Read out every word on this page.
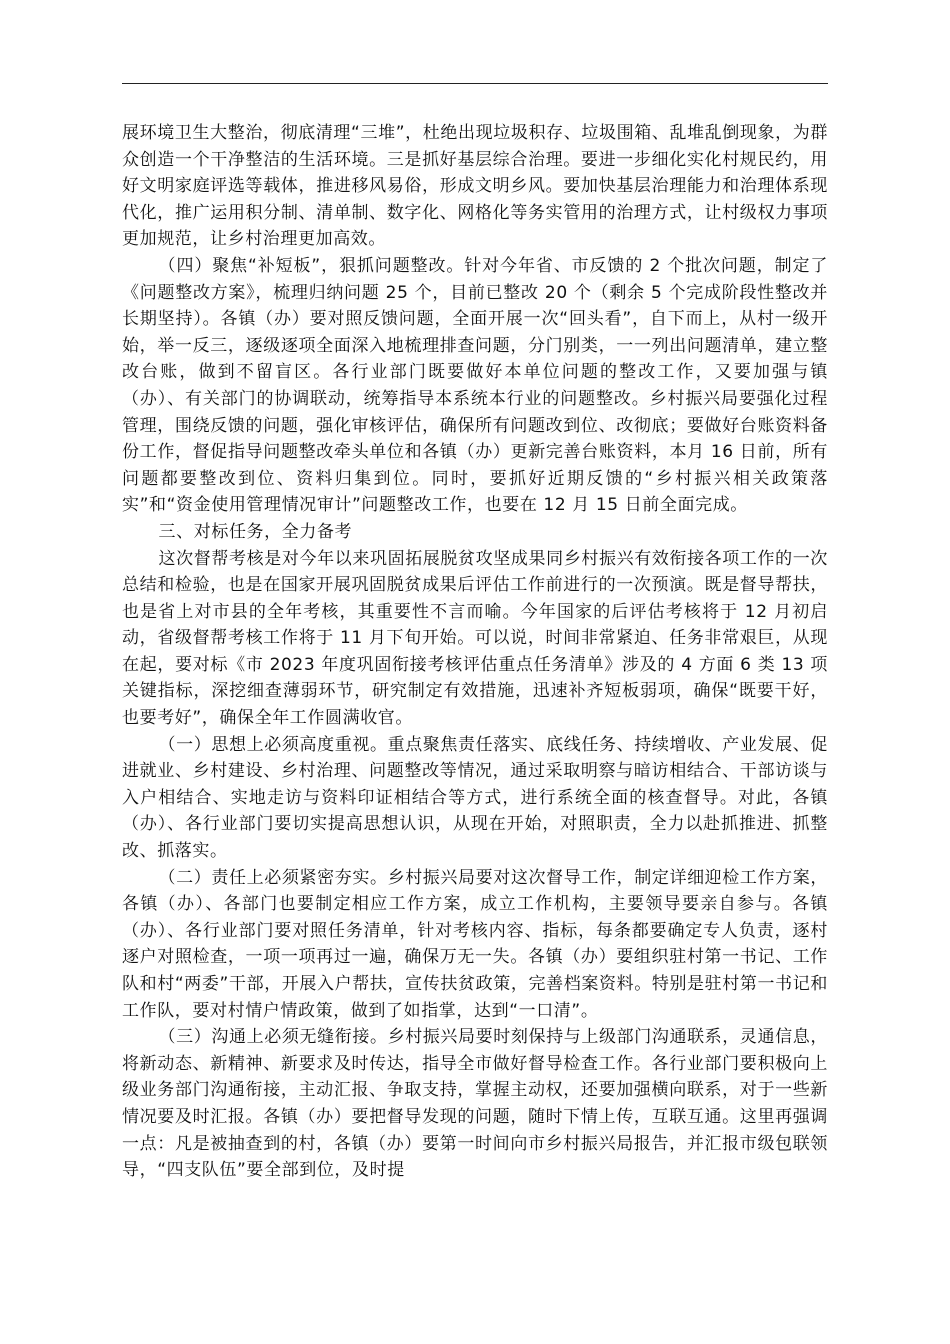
展环境卫生大整治，彻底清理“三堆”，杜绝出现垃圾积存、垃圾围箱、乱堆乱倒现象，为群众创造一个干净整洁的生活环境。三是抓好基层综合治理。要进一步细化实化村规民约，用好文明家庭评选等载体，推进移风易俗，形成文明乡风。要加快基层治理能力和治理体系现代化，推广运用积分制、清单制、数字化、网格化等务实管用的治理方式，让村级权力事项更加规范，让乡村治理更加高效。

（四）聚焦“补短板”，狠抓问题整改。针对今年省、市反馈的 2 个批次问题，制定了《问题整改方案》，梳理归纳问题 25 个，目前已整改 20 个（剩余 5 个完成阶段性整改并长期坚持）。各镇（办）要对照反馈问题，全面开展一次“回头看”，自下而上，从村一级开始，举一反三，逐级逐项全面深入地梳理排查问题，分门别类，一一列出问题清单，建立整改台账，做到不留盲区。各行业部门既要做好本单位问题的整改工作，又要加强与镇（办）、有关部门的协调联动，统筹指导本系统本行业的问题整改。乡村振兴局要强化过程管理，围绕反馈的问题，强化审核评估，确保所有问题改到位、改彻底；要做好台账资料备份工作，督促指导问题整改牵头单位和各镇（办）更新完善台账资料，本月 16 日前，所有问题都要整改到位、资料归集到位。同时，要抓好近期反馈的“乡村振兴相关政策落实”和“资金使用管理情况审计”问题整改工作，也要在 12 月 15 日前全面完成。

三、对标任务，全力备考

这次督帮考核是对今年以来巩固拓展脱贫攻坚成果同乡村振兴有效衔接各项工作的一次总结和检验，也是在国家开展巩固脱贫成果后评估工作前进行的一次预演。既是督导帮扶，也是省上对市县的全年考核，其重要性不言而喻。今年国家的后评估考核将于 12 月初启动，省级督帮考核工作将于 11 月下旬开始。可以说，时间非常紧迫、任务非常艰巨，从现在起，要对标《市 2023 年度巩固衔接考核评估重点任务清单》涉及的 4 方面 6 类 13 项关键指标，深挖细查薄弱环节，研究制定有效措施，迅速补齐短板弱项，确保“既要干好，也要考好”，确保全年工作圆满收官。

（一）思想上必须高度重视。重点聚焦责任落实、底线任务、持续增收、产业发展、促进就业、乡村建设、乡村治理、问题整改等情况，通过采取明察与暗访相结合、干部访谈与入户相结合、实地走访与资料印证相结合等方式，进行系统全面的核查督导。对此，各镇（办）、各行业部门要切实提高思想认识，从现在开始，对照职责，全力以赴抓推进、抓整改、抓落实。

（二）责任上必须紧密夯实。乡村振兴局要对这次督导工作，制定详细迎检工作方案，各镇（办）、各部门也要制定相应工作方案，成立工作机构，主要领导要亲自参与。各镇（办）、各行业部门要对照任务清单，针对考核内容、指标，每条都要确定专人负责，逐村逐户对照检查，一项一项再过一遍，确保万无一失。各镇（办）要组织驻村第一书记、工作队和村“两委”干部，开展入户帮扶，宣传扶贫政策，完善档案资料。特别是驻村第一书记和工作队，要对村情户情政策，做到了如指掌，达到“一口清”。

（三）沟通上必须无缝衔接。乡村振兴局要时刻保持与上级部门沟通联系，灵通信息，将新动态、新精神、新要求及时传达，指导全市做好督导检查工作。各行业部门要积极向上级业务部门沟通衔接，主动汇报、争取支持，掌握主动权，还要加强横向联系，对于一些新情况要及时汇报。各镇（办）要把督导发现的问题，随时下情上传，互联互通。这里再强调一点：凡是被抽查到的村，各镇（办）要第一时间向市乡村振兴局报告，并汇报市级包联领导，“四支队伍”要全部到位，及时提
